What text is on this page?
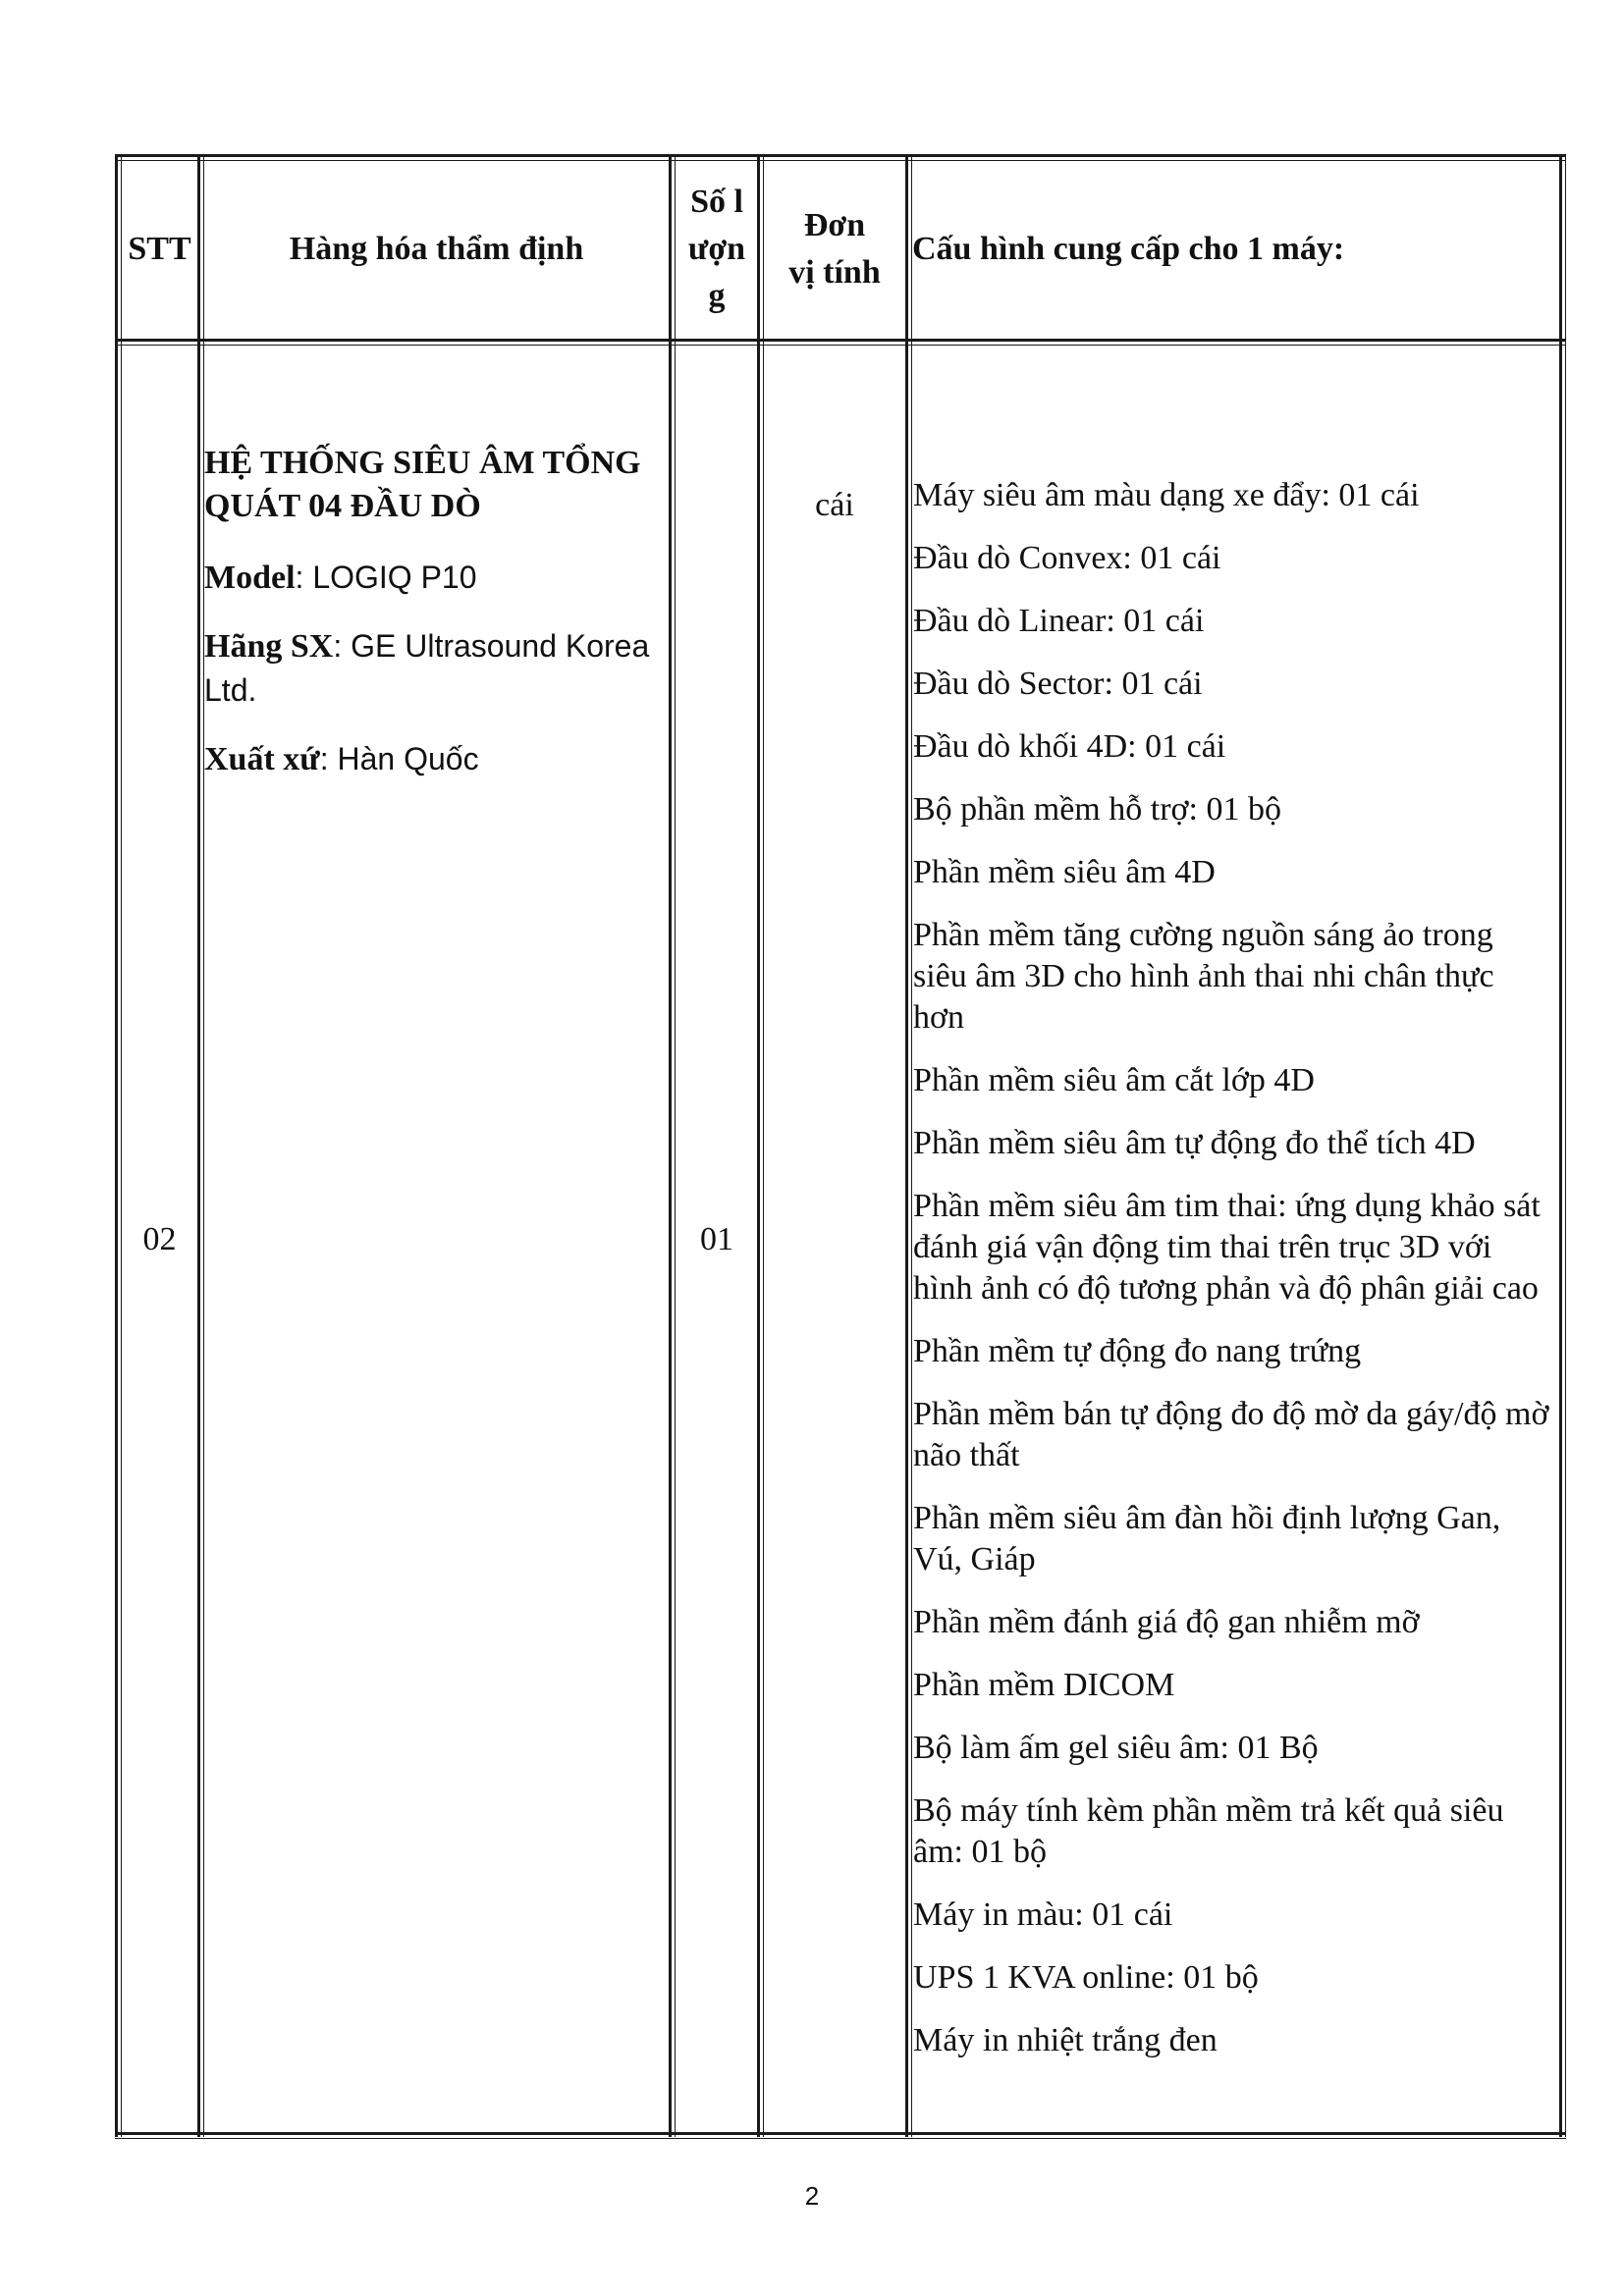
STT	Hàng hóa thẩm định
Số lượn g
Đơn vị tính
Cấu hình cung cấp cho 1 máy:
02

HỆ THỐNG SIÊU ÂM TỔNG QUÁT 04 ĐẦU DÒ

Model: LOGIQ P10

Hãng SX: GE Ultrasound Korea Ltd.

Xuất xứ: Hàn Quốc

01
cái	Máy siêu âm màu dạng xe đẩy: 01 cái
Đầu dò Convex: 01 cái
Đầu dò Linear: 01 cái
Đầu dò Sector: 01 cái
Đầu dò khối 4D: 01 cái
Bộ phần mềm hỗ trợ: 01 bộ
Phần mềm siêu âm 4D
Phần mềm tăng cường nguồn sáng ảo trong siêu âm 3D cho hình ảnh thai nhi chân thực hơn
Phần mềm siêu âm cắt lớp 4D
Phần mềm siêu âm tự động đo thể tích 4D
Phần mềm siêu âm tim thai: ứng dụng khảo sát đánh giá vận động tim thai trên trục 3D với hình ảnh có độ tương phản và độ phân giải cao
Phần mềm tự động đo nang trứng
Phần mềm bán tự động đo độ mờ da gáy/độ mờ não thất
Phần mềm siêu âm đàn hồi định lượng Gan, Vú, Giáp
Phần mềm đánh giá độ gan nhiễm mỡ
Phần mềm DICOM
Bộ làm ấm gel siêu âm: 01 Bộ
Bộ máy tính kèm phần mềm trả kết quả siêu âm: 01 bộ
Máy in màu: 01 cái
UPS 1 KVA online: 01 bộ
Máy in nhiệt trắng đen
2
